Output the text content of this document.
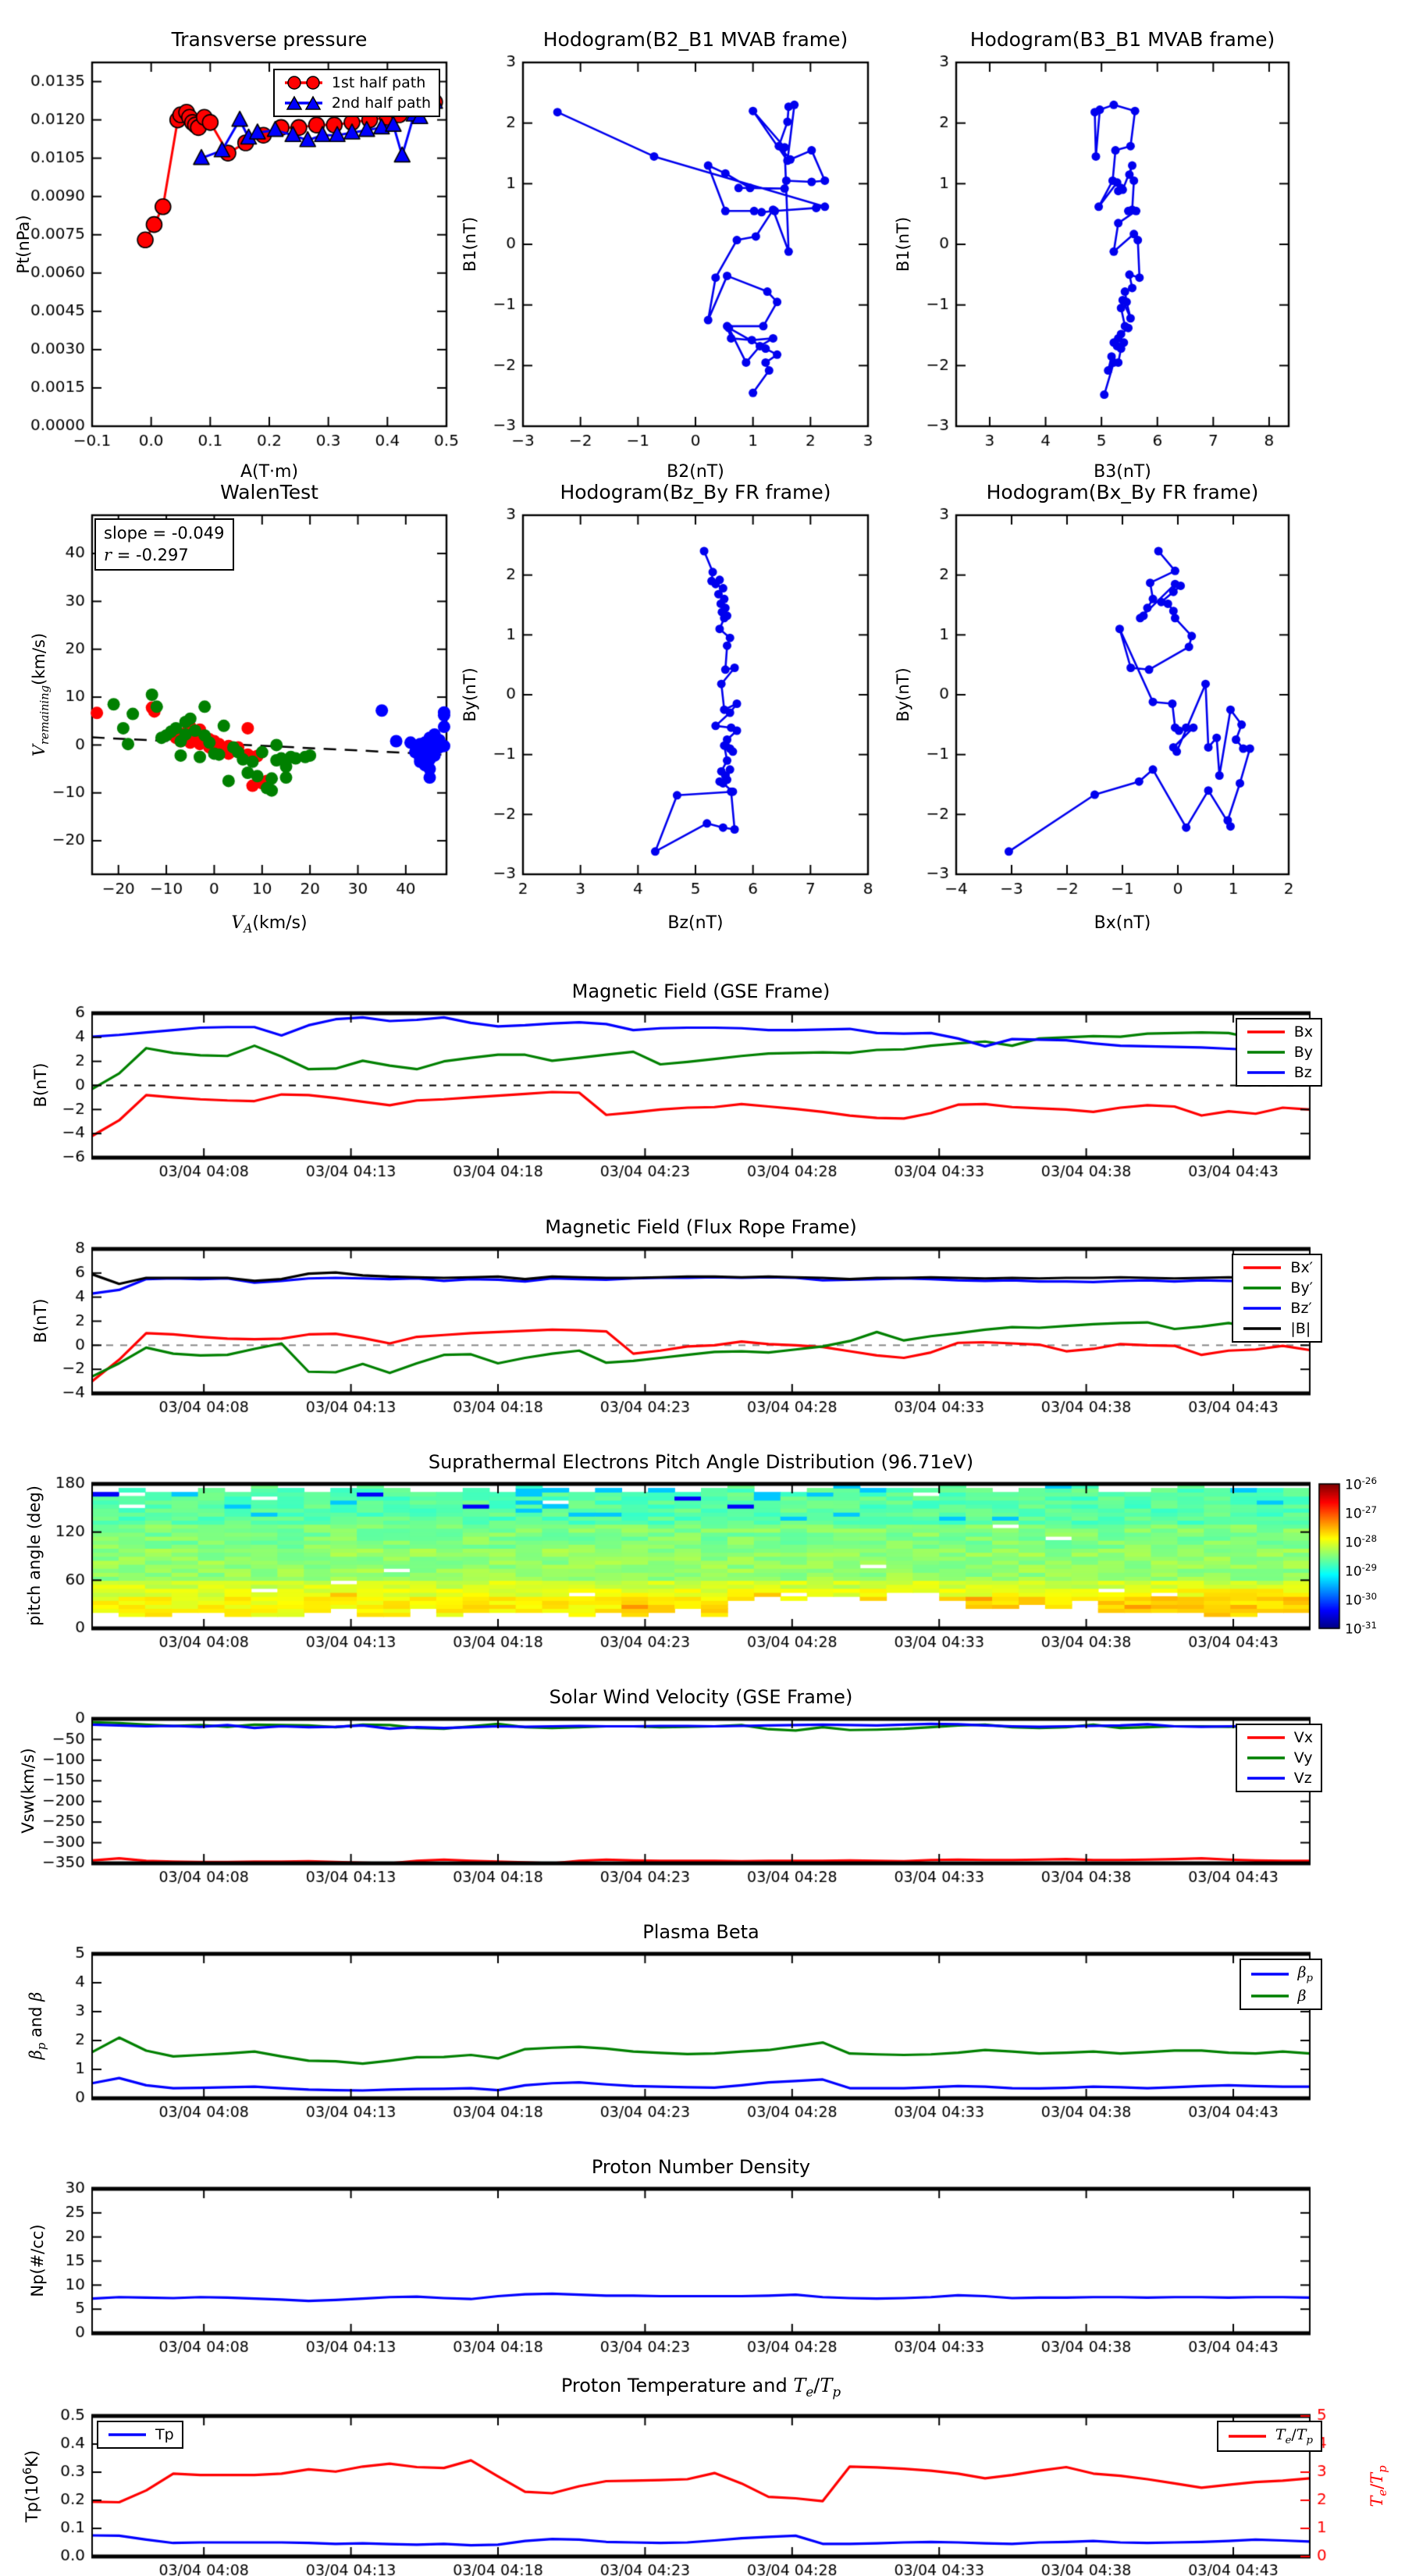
Transverse pressure	Hodogram(B2_B1 MVAB frame)	Hodogram(B3_B1 MVAB frame)
WalenTest	Hodogram(Bz_By FR frame)	Hodogram(Bx_By FR frame)
Magnetic Field (GSE Frame)
Magnetic Field (Flux Rope Frame)
Suprathermal Electrons Pitch Angle Distribution (96.71eV)
Solar Wind Velocity (GSE Frame)
Plasma Beta
Proton Number Density
Proton Temperature and $T_e/T_p$
Pt(nPa)	B1(nT)	B1(nT)
A(T·m)	B2(nT)	B3(nT)
$V_{remaining}(km/s)$
By(nT)	By(nT)
$V_A(km/s)$	Bz(nT)	Bx(nT)
B(nT)
B(nT)
pitch angle (deg)
Vsw(km/s)
$\beta_p$ and β
Np(#/cc)
$Tp(10^6K)$
$T_e/T_p$
1st half path
2nd half path
slope = -0.049
r = -0.297
Bx
By
Bz
Bx′
By′
Bz′
|B|
Vx
Vy
Vz
$\beta_p$
β
Tp	$T_e/T_p$
$10^{-26}$
$10^{-27}$
$10^{-28}$
$10^{-29}$
$10^{-30}$
$10^{-31}$
